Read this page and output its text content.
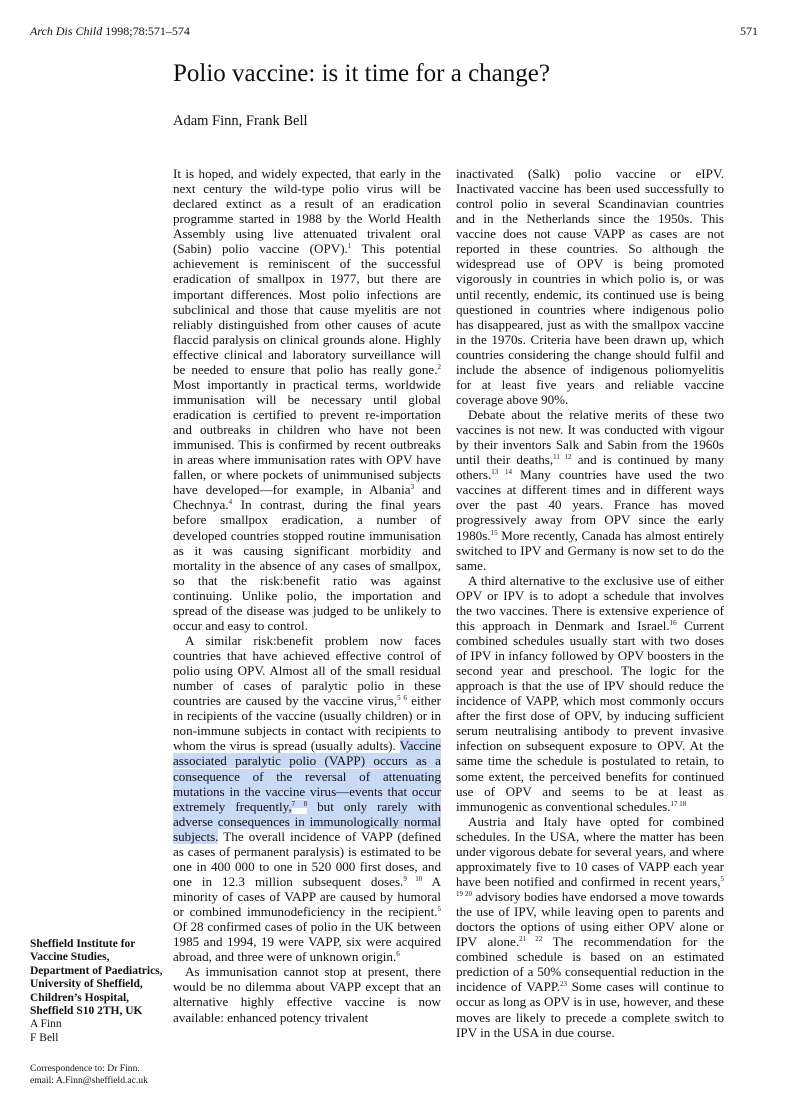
Arch Dis Child 1998;78:571–574	571
Polio vaccine: is it time for a change?
Adam Finn, Frank Bell

It is hoped, and widely expected, that early in the next century the wild-type polio virus will be declared extinct as a result of an eradication programme started in 1988 by the World Health Assembly using live attenuated trivalent oral (Sabin) polio vaccine (OPV).$^1$ This potential achievement is reminiscent of the successful eradication of smallpox in 1977, but there are important differences. Most polio infections are subclinical and those that cause myelitis are not reliably distinguished from other causes of acute flaccid paralysis on clinical grounds alone. Highly effective clinical and laboratory surveillance will be needed to ensure that polio has really gone.$^2$ Most importantly in practical terms, worldwide immunisation will be necessary until global eradication is certified to prevent re-importation and outbreaks in children who have not been immunised. This is confirmed by recent outbreaks in areas where immunisation rates with OPV have fallen, or where pockets of unimmunised subjects have developed—for example, in Albania$^3$ and Chechnya.$^4$ In contrast, during the final years before smallpox eradication, a number of developed countries stopped routine immunisation as it was causing significant morbidity and mortality in the absence of any cases of smallpox, so that the risk:benefit ratio was against continuing. Unlike polio, the importation and spread of the disease was judged to be unlikely to occur and easy to control.

A similar risk:benefit problem now faces countries that have achieved effective control of polio using OPV. Almost all of the small residual number of cases of paralytic polio in these countries are caused by the vaccine virus,$^{5 6}$ either in recipients of the vaccine (usually children) or in non-immune subjects in contact with recipients to whom the virus is spread (usually adults). Vaccine associated paralytic polio (VAPP) occurs as a consequence of the reversal of attenuating mutations in the vaccine virus—events that occur extremely frequently,$^{7 8}$ but only rarely with adverse consequences in immunologically normal subjects. The overall incidence of VAPP (defined as cases of permanent paralysis) is estimated to be one in 400 000 to one in 520 000 first doses, and one in 12.3 million subsequent doses.$^{9 10}$ A minority of cases of VAPP are caused by humoral or combined immunodeficiency in the recipient.$^5$ Of 28 confirmed cases of polio in the UK between 1985 and 1994, 19 were VAPP, six were acquired abroad, and three were of unknown origin.$^6$

As immunisation cannot stop at present, there would be no dilemma about VAPP except that an alternative highly effective vaccine is now available: enhanced potency trivalent

inactivated (Salk) polio vaccine or eIPV. Inactivated vaccine has been used successfully to control polio in several Scandinavian countries and in the Netherlands since the 1950s. This vaccine does not cause VAPP as cases are not reported in these countries. So although the widespread use of OPV is being promoted vigorously in countries in which polio is, or was until recently, endemic, its continued use is being questioned in countries where indigenous polio has disappeared, just as with the smallpox vaccine in the 1970s. Criteria have been drawn up, which countries considering the change should fulfil and include the absence of indigenous poliomyelitis for at least five years and reliable vaccine coverage above 90%.

Debate about the relative merits of these two vaccines is not new. It was conducted with vigour by their inventors Salk and Sabin from the 1960s until their deaths,$^{11 12}$ and is continued by many others.$^{13 14}$ Many countries have used the two vaccines at different times and in different ways over the past 40 years. France has moved progressively away from OPV since the early 1980s.$^{15}$ More recently, Canada has almost entirely switched to IPV and Germany is now set to do the same.

A third alternative to the exclusive use of either OPV or IPV is to adopt a schedule that involves the two vaccines. There is extensive experience of this approach in Denmark and Israel.$^{16}$ Current combined schedules usually start with two doses of IPV in infancy followed by OPV boosters in the second year and preschool. The logic for the approach is that the use of IPV should reduce the incidence of VAPP, which most commonly occurs after the first dose of OPV, by inducing sufficient serum neutralising antibody to prevent invasive infection on subsequent exposure to OPV. At the same time the schedule is postulated to retain, to some extent, the perceived benefits for continued use of OPV and seems to be at least as immunogenic as conventional schedules.$^{17 18}$

Austria and Italy have opted for combined schedules. In the USA, where the matter has been under vigorous debate for several years, and where approximately five to 10 cases of VAPP each year have been notified and confirmed in recent years,$^{5 19 20}$ advisory bodies have endorsed a move towards the use of IPV, while leaving open to parents and doctors the options of using either OPV alone or IPV alone.$^{21 22}$ The recommendation for the combined schedule is based on an estimated prediction of a 50% consequential reduction in the incidence of VAPP.$^{23}$ Some cases will continue to occur as long as OPV is in use, however, and these moves are likely to precede a complete switch to IPV in the USA in due course.

Sheffield Institute for Vaccine Studies, Department of Paediatrics, University of Sheffield, Children’s Hospital, Sheffield S10 2TH, UK
A Finn
F Bell
Correspondence to: Dr Finn.
email: A.Finn@sheffield.ac.uk
